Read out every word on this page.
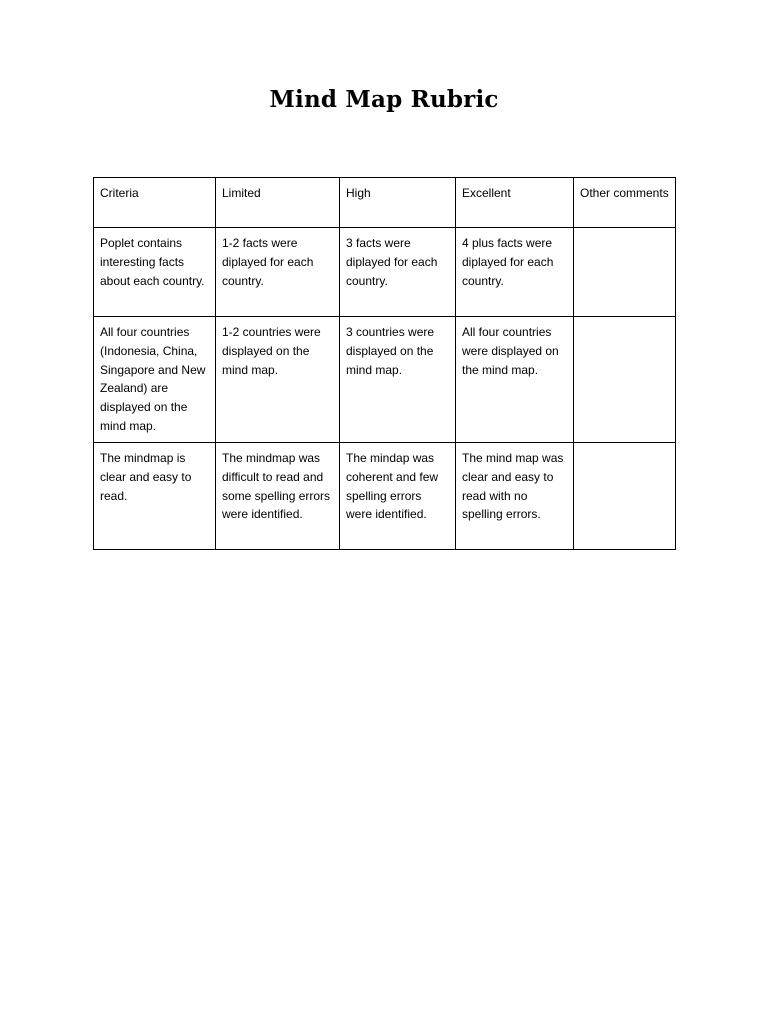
Mind Map Rubric
Criteria	Limited	High	Excellent	Other comments
Poplet contains interesting facts about each country.	1-2 facts were diplayed for each country.	3 facts were diplayed for each country.	4 plus facts were diplayed for each country.	
All four countries (Indonesia, China, Singapore and New Zealand) are displayed on the mind map.	1-2 countries were displayed on the mind map.	3 countries were displayed on the mind map.	All four countries were displayed on the mind map.	
The mindmap is clear and easy to read.	The mindmap was difficult to read and some spelling errors were identified.	The mindap was coherent and few spelling errors were identified.	The mind map was clear and easy to read with no spelling errors.	
